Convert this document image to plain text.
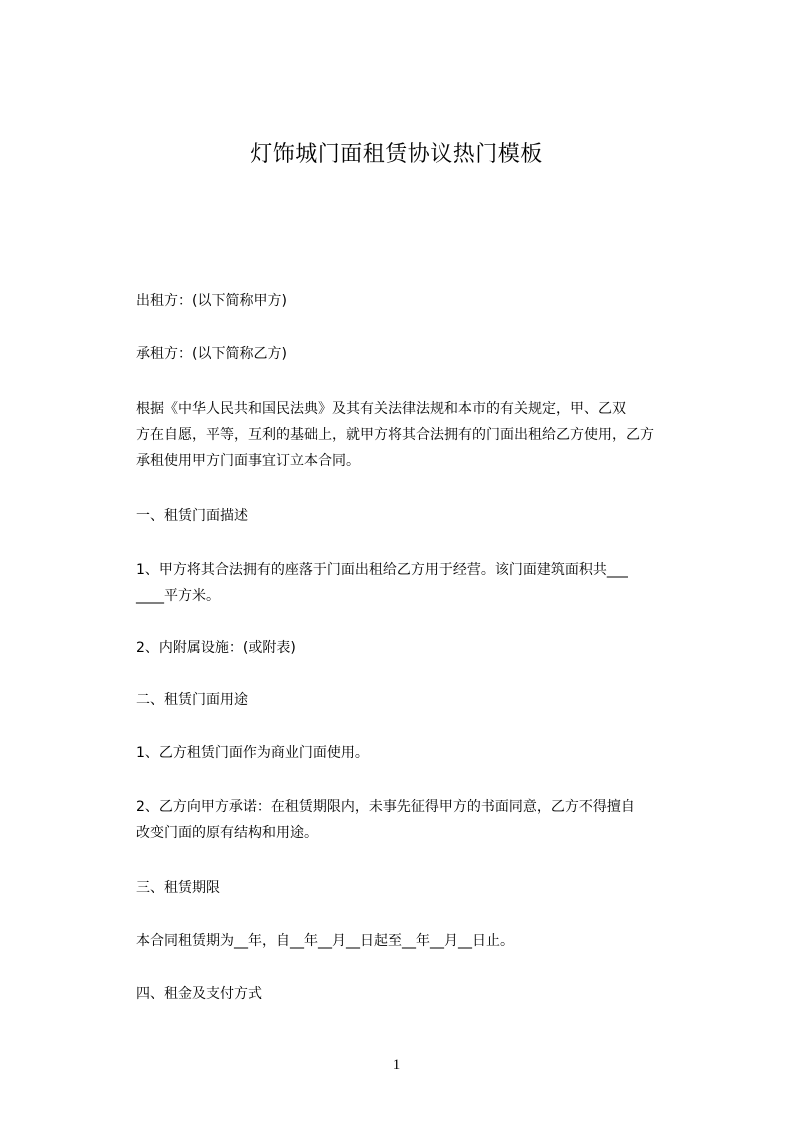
灯饰城门面租赁协议热门模板
出租方：(以下简称甲方)
承租方：(以下简称乙方)
根据《中华人民共和国民法典》及其有关法律法规和本市的有关规定，甲、乙双
方在自愿，平等，互利的基础上，就甲方将其合法拥有的门面出租给乙方使用，乙方
承租使用甲方门面事宜订立本合同。
一、租赁门面描述
1、甲方将其合法拥有的座落于门面出租给乙方用于经营。该门面建筑面积共___
____平方米。
2、内附属设施：(或附表)
二、租赁门面用途
1、乙方租赁门面作为商业门面使用。
2、乙方向甲方承诺：在租赁期限内，未事先征得甲方的书面同意，乙方不得擅自
改变门面的原有结构和用途。
三、租赁期限
本合同租赁期为__年，自__年__月__日起至__年__月__日止。
四、租金及支付方式
1
